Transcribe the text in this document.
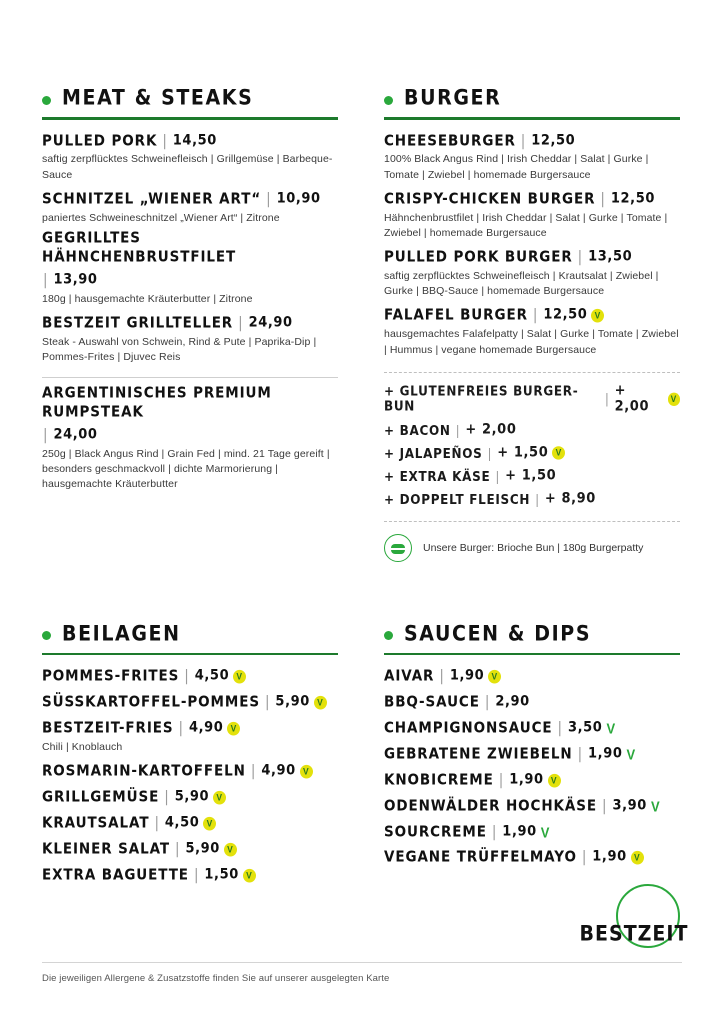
MEAT & STEAKS
PULLED PORK | 14,50
saftig zerpflücktes Schweinefleisch | Grillgemüse | Barbeque-Sauce
SCHNITZEL „WIENER ART“ | 10,90
paniertes Schweineschnitzel „Wiener Art“ | Zitrone
GEGRILLTES HÄHNCHENBRUSTFILET
| 13,90
180g | hausgemachte Kräuterbutter | Zitrone
BESTZEIT GRILLTELLER | 24,90
Steak - Auswahl von Schwein, Rind & Pute | Paprika-Dip | Pommes-Frites | Djuvec Reis
ARGENTINISCHES PREMIUM RUMPSTEAK
| 24,00
250g | Black Angus Rind | Grain Fed | mind. 21 Tage gereift | besonders geschmackvoll | dichte Marmorierung | hausgemachte Kräuterbutter
BURGER
CHEESEBURGER | 12,50
100% Black Angus Rind | Irish Cheddar | Salat | Gurke | Tomate | Zwiebel | homemade Burgersauce
CRISPY-CHICKEN BURGER | 12,50
Hähnchenbrustfilet | Irish Cheddar | Salat | Gurke | Tomate | Zwiebel | homemade Burgersauce
PULLED PORK BURGER | 13,50
saftig zerpflücktes Schweinefleisch | Krautsalat | Zwiebel | Gurke | BBQ-Sauce | homemade Burgersauce
FALAFEL BURGER | 12,50 V
hausgemachtes Falafelpatty | Salat | Gurke | Tomate | Zwiebel | Hummus | vegane homemade Burgersauce
+ GLUTENFREIES BURGER-BUN	| + 2,00
V
+ BACON | + 2,00
+ JALAPEÑOS | + 1,50 V
+ EXTRA KÄSE | + 1,50
+ DOPPELT FLEISCH | + 8,90
Unsere Burger: Brioche Bun | 180g Burgerpatty
BEILAGEN
POMMES-FRITES | 4,50 V
SÜSSKARTOFFEL-POMMES | 5,90 V
BESTZEIT-FRIES | 4,90 V
Chili | Knoblauch
ROSMARIN-KARTOFFELN | 4,90 V
GRILLGEMÜSE | 5,90 V
KRAUTSALAT | 4,50 V
KLEINER SALAT | 5,90 V
EXTRA BAGUETTE | 1,50 V
SAUCEN & DIPS
AIVAR | 1,90 V
BBQ-SAUCE | 2,90
CHAMPIGNONSAUCE | 3,50 V
GEBRATENE ZWIEBELN | 1,90 V
KNOBICREME | 1,90 V
ODENWÄLDER HOCHKÄSE | 3,90 V
SOURCREME | 1,90 V
VEGANE TRÜFFELMAYO | 1,90 V
BESTZEIT
Die jeweiligen Allergene & Zusatzstoffe finden Sie auf unserer ausgelegten Karte
